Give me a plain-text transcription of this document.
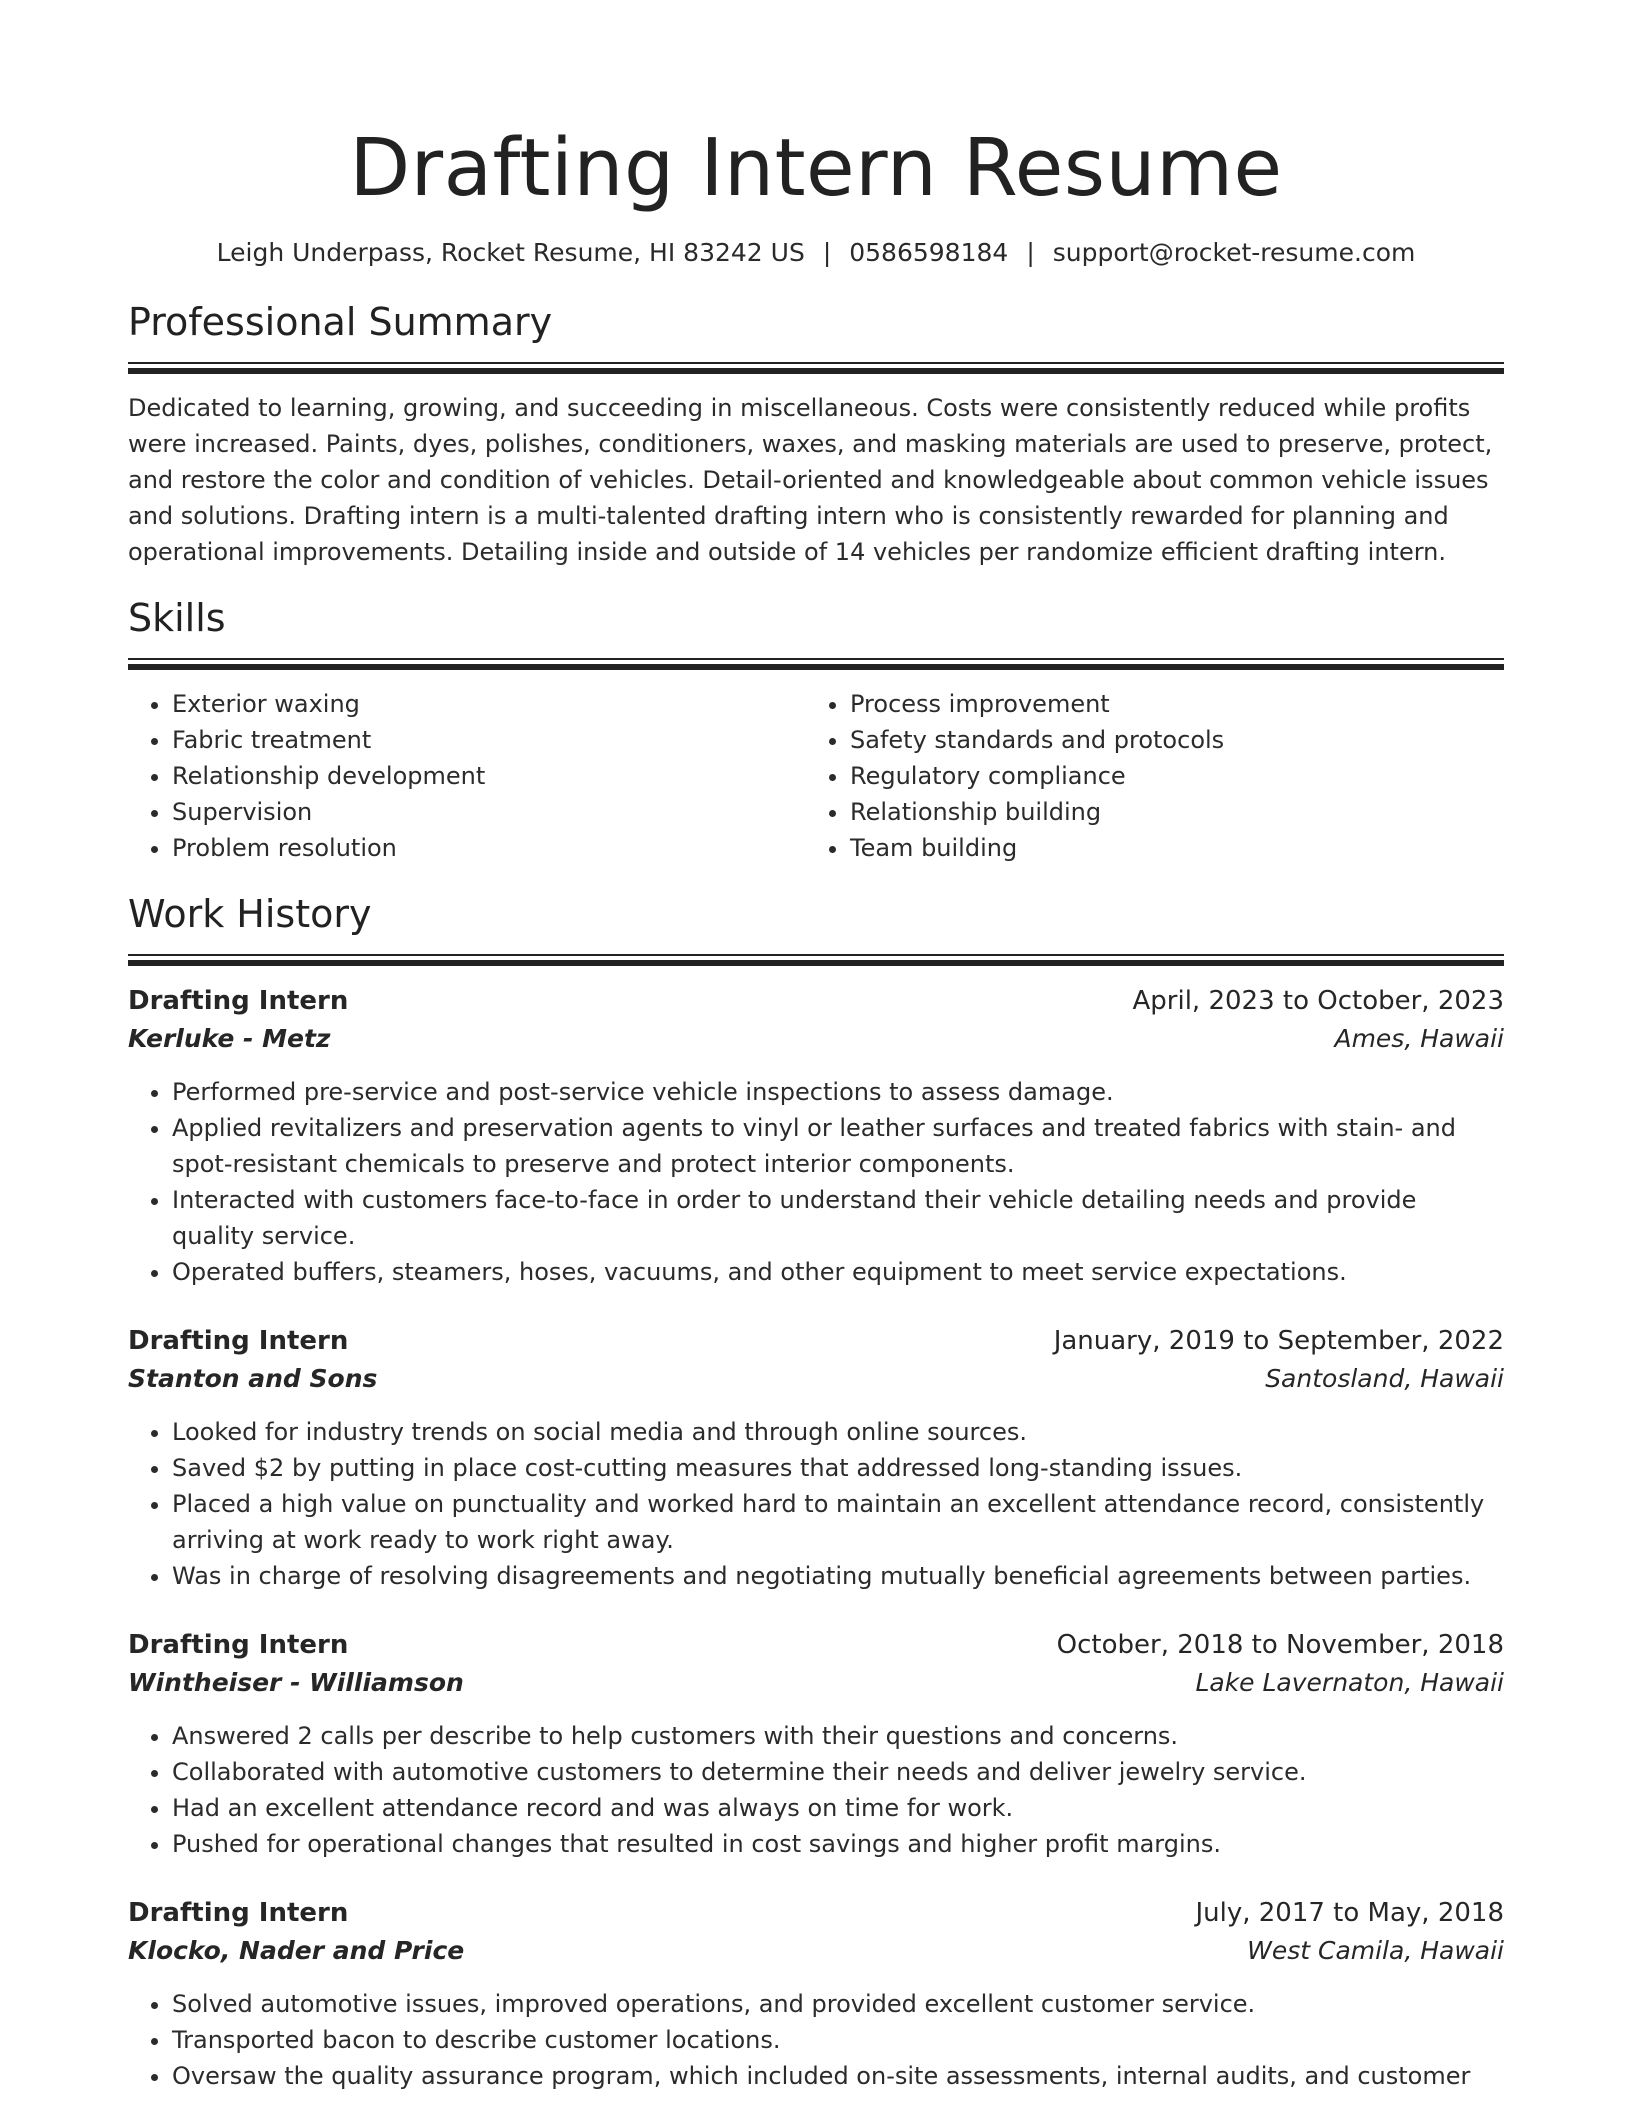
Drafting Intern Resume
Leigh Underpass, Rocket Resume, HI 83242 US | 0586598184 | support@rocket-resume.com
Professional Summary
Dedicated to learning, growing, and succeeding in miscellaneous. Costs were consistently reduced while profits were increased. Paints, dyes, polishes, conditioners, waxes, and masking materials are used to preserve, protect, and restore the color and condition of vehicles. Detail-oriented and knowledgeable about common vehicle issues and solutions. Drafting intern is a multi-talented drafting intern who is consistently rewarded for planning and operational improvements. Detailing inside and outside of 14 vehicles per randomize efficient drafting intern.
Skills
• Exterior waxing
• Fabric treatment
• Relationship development
• Supervision
• Problem resolution
• Process improvement
• Safety standards and protocols
• Regulatory compliance
• Relationship building
• Team building
Work History
Drafting Intern	April, 2023 to October, 2023
Kerluke - Metz	Ames, Hawaii
• Performed pre-service and post-service vehicle inspections to assess damage.
• Applied revitalizers and preservation agents to vinyl or leather surfaces and treated fabrics with stain- and spot-resistant chemicals to preserve and protect interior components.
• Interacted with customers face-to-face in order to understand their vehicle detailing needs and provide quality service.
• Operated buffers, steamers, hoses, vacuums, and other equipment to meet service expectations.
Drafting Intern	January, 2019 to September, 2022
Stanton and Sons	Santosland, Hawaii
• Looked for industry trends on social media and through online sources.
• Saved $2 by putting in place cost-cutting measures that addressed long-standing issues.
• Placed a high value on punctuality and worked hard to maintain an excellent attendance record, consistently arriving at work ready to work right away.
• Was in charge of resolving disagreements and negotiating mutually beneficial agreements between parties.
Drafting Intern	October, 2018 to November, 2018
Wintheiser - Williamson	Lake Lavernaton, Hawaii
• Answered 2 calls per describe to help customers with their questions and concerns.
• Collaborated with automotive customers to determine their needs and deliver jewelry service.
• Had an excellent attendance record and was always on time for work.
• Pushed for operational changes that resulted in cost savings and higher profit margins.
Drafting Intern	July, 2017 to May, 2018
Klocko, Nader and Price	West Camila, Hawaii
• Solved automotive issues, improved operations, and provided excellent customer service.
• Transported bacon to describe customer locations.
• Oversaw the quality assurance program, which included on-site assessments, internal audits, and customer
